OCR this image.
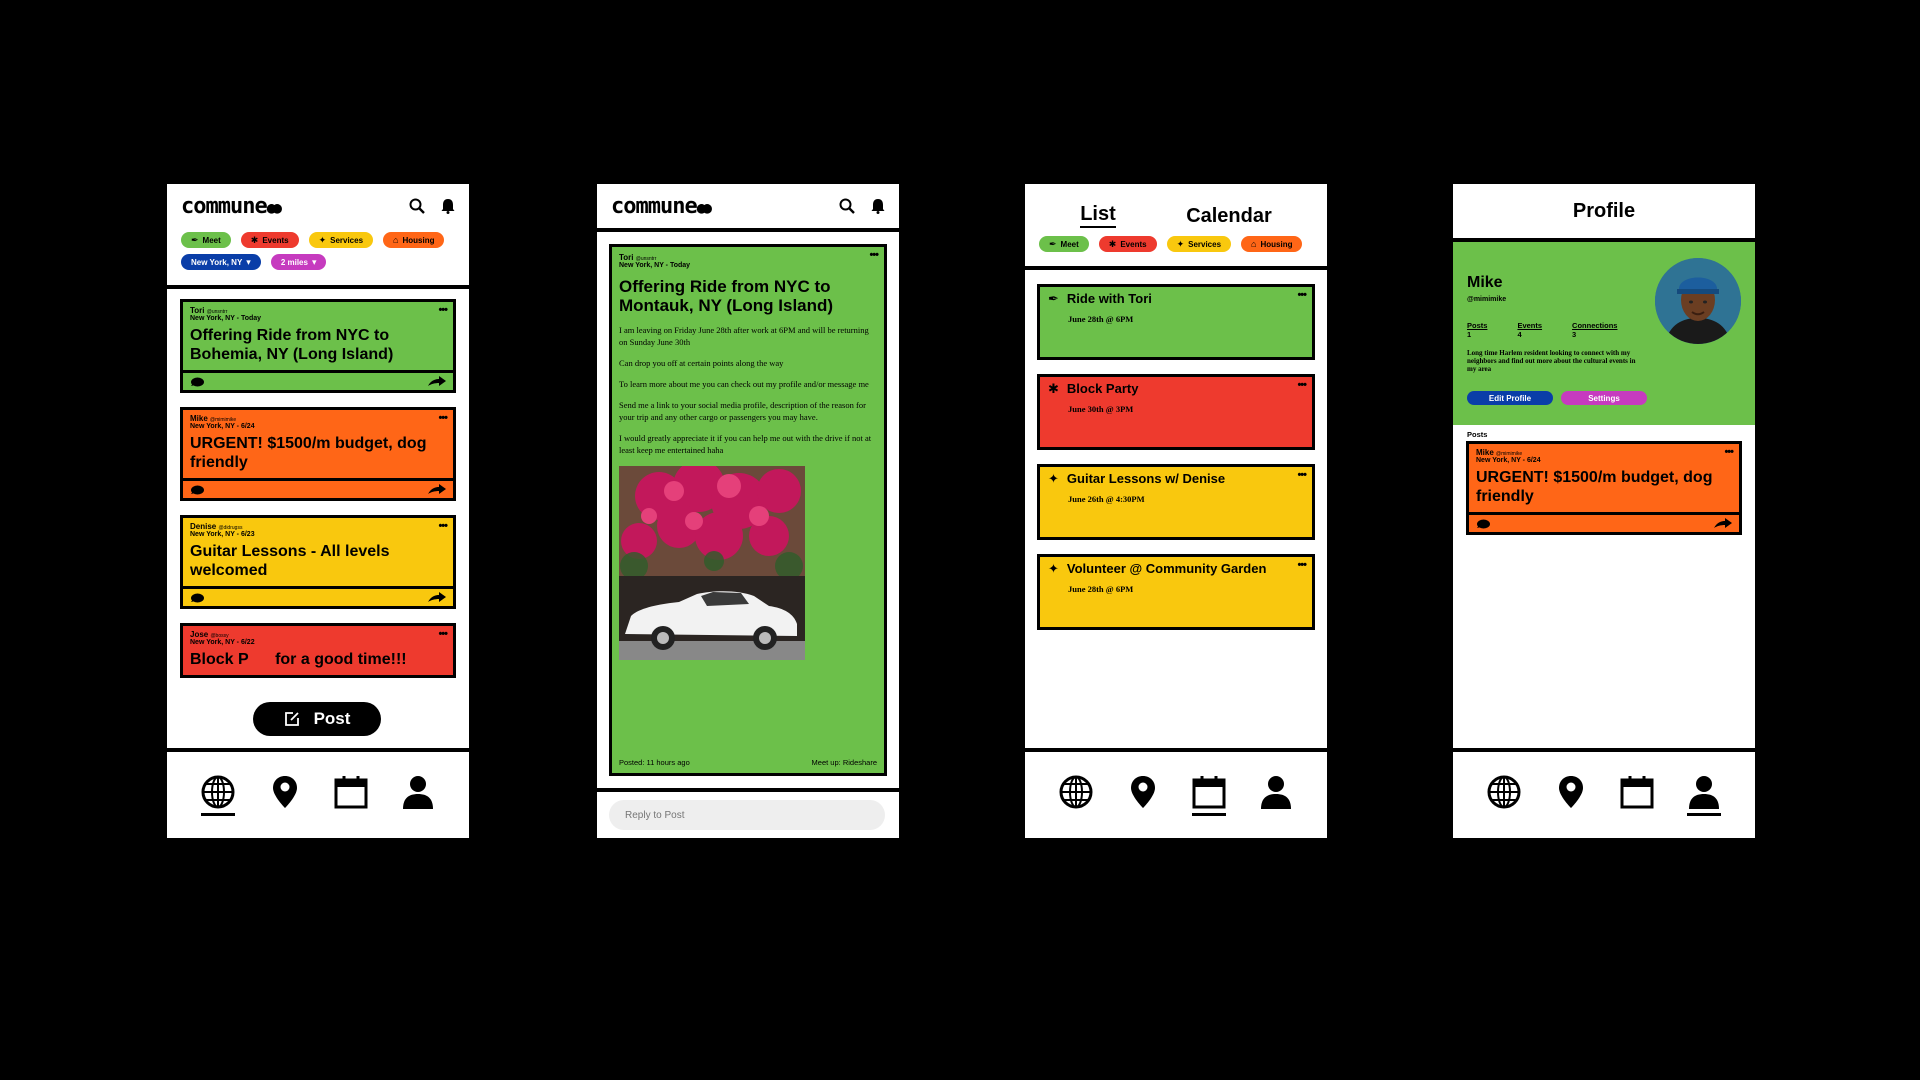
commune●●
✒ Meet	✱ Events	✦ Services	⌂ Housing
New York, NY ▾	2 miles ▾
Tori @unsntrr
New York, NY - Today
•••
Offering Ride from NYC to Bohemia, NY (Long Island)
Mike @mimimike
New York, NY - 6/24
•••
URGENT! $1500/m budget, dog friendly
Denise @didrugss
New York, NY - 6/23
•••
Guitar Lessons - All levels welcomed
Jose @bossy
New York, NY - 6/22
•••
Block P      for a good time!!!
Post
commune●●
Tori @unsntrr
New York, NY - Today
•••
Offering Ride from NYC to Montauk, NY (Long Island)

I am leaving on Friday June 28th after work at 6PM and will be returning on Sunday June 30th

Can drop you off at certain points along the way

To learn more about me you can check out my profile and/or message me

Send me a link to your social media profile, description of the reason for your trip and any other cargo or passengers you may have.

I would greatly appreciate it if you can help me out with the drive if not at least keep me entertained haha

Posted: 11 hours ago	Meet up: Rideshare
Reply to Post
List	Calendar
✒ Meet	✱ Events	✦ Services	⌂ Housing
✒ Ride with Tori	•••
June 28th @ 6PM
✱ Block Party	•••
June 30th @ 3PM
✦ Guitar Lessons w/ Denise	•••
June 26th @ 4:30PM
✦ Volunteer @ Community Garden	•••
June 28th @ 6PM
Profile
Mike
@mimimike
Posts
1
Events
4
Connections
3
Long time Harlem resident looking to connect with my neighbors and find out more about the cultural events in my area
Edit Profile	Settings
Posts
Mike @mimimike
New York, NY - 6/24
•••
URGENT! $1500/m budget, dog friendly
